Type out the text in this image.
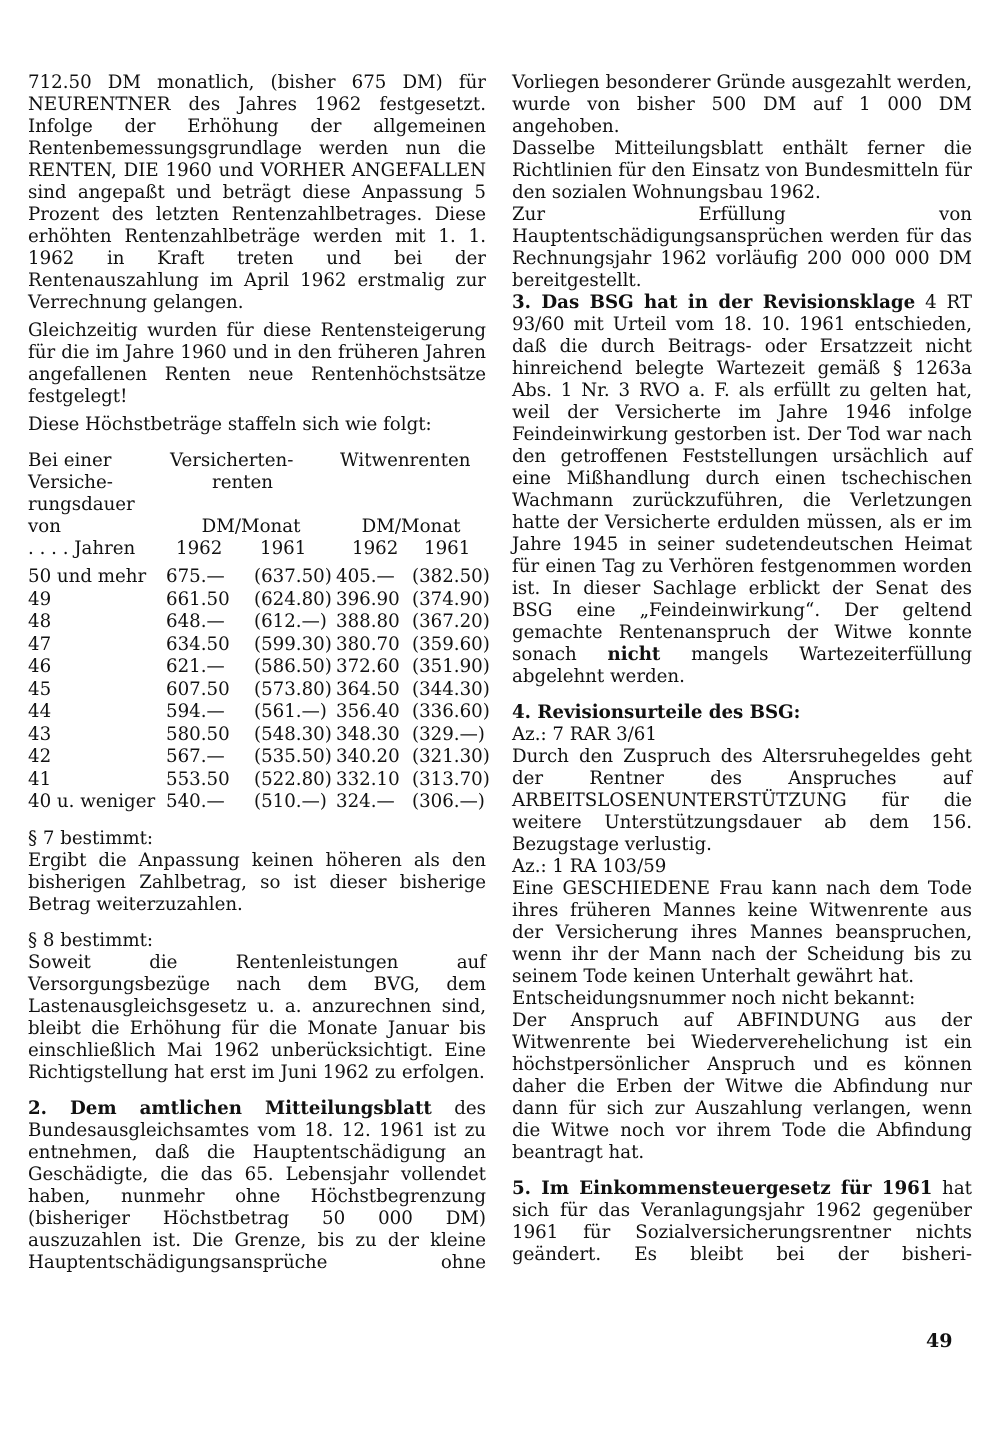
712.50 DM monatlich, (bisher 675 DM) für NEURENTNER des Jahres 1962 festgesetzt. Infolge der Erhöhung der allgemeinen Rentenbemessungsgrundlage werden nun die RENTEN, DIE 1960 und VORHER ANGEFALLEN sind angepaßt und beträgt diese Anpassung 5 Prozent des letzten Rentenzahlbetrages. Diese erhöhten Rentenzahlbeträge werden mit 1. 1. 1962 in Kraft treten und bei der Rentenauszahlung im April 1962 erstmalig zur Verrechnung gelangen.

Gleichzeitig wurden für diese Rentensteigerung für die im Jahre 1960 und in den früheren Jahren angefallenen Renten neue Rentenhöchstsätze festgelegt!

Diese Höchstbeträge staffeln sich wie folgt:

Bei einer
Versiche-
rungsdauer
Versicherten-
renten
Witwenrenten
von	DM/Monat	DM/Monat
. . . . Jahren	1962	1961	1962	1961
50 und mehr	675.—	(637.50) 405.— (382.50)
49	661.50	(624.80) 396.90 (374.90)
48	648.—	(612.—) 388.80 (367.20)
47	634.50	(599.30) 380.70 (359.60)
46	621.—	(586.50) 372.60 (351.90)
45	607.50	(573.80) 364.50 (344.30)
44	594.—	(561.—) 356.40 (336.60)
43	580.50	(548.30) 348.30 (329.—)
42	567.—	(535.50) 340.20 (321.30)
41	553.50	(522.80) 332.10 (313.70)
40 u. weniger 540.—	(510.—) 324.— (306.—)

§ 7 bestimmt:

Ergibt die Anpassung keinen höheren als den bisherigen Zahlbetrag, so ist dieser bisherige Betrag weiterzuzahlen.

§ 8 bestimmt:

Soweit die Rentenleistungen auf Versorgungsbezüge nach dem BVG, dem Lastenausgleichsgesetz u. a. anzurechnen sind, bleibt die Erhöhung für die Monate Januar bis einschließlich Mai 1962 unberücksichtigt. Eine Richtigstellung hat erst im Juni 1962 zu erfolgen.

2. Dem amtlichen Mitteilungsblatt des Bundesausgleichsamtes vom 18. 12. 1961 ist zu entnehmen, daß die Hauptentschädigung an Geschädigte, die das 65. Lebensjahr vollendet haben, nunmehr ohne Höchstbegrenzung (bisheriger Höchstbetrag 50 000 DM) auszuzahlen ist. Die Grenze, bis zu der kleine Hauptentschädigungsansprüche ohne

Vorliegen besonderer Gründe ausgezahlt werden, wurde von bisher 500 DM auf 1 000 DM angehoben.

Dasselbe Mitteilungsblatt enthält ferner die Richtlinien für den Einsatz von Bundesmitteln für den sozialen Wohnungsbau 1962.

Zur Erfüllung von Hauptentschädigungsansprüchen werden für das Rechnungsjahr 1962 vorläufig 200 000 000 DM bereitgestellt.

3. Das BSG hat in der Revisionsklage 4 RT 93/60 mit Urteil vom 18. 10. 1961 entschieden, daß die durch Beitrags- oder Ersatzzeit nicht hinreichend belegte Wartezeit gemäß § 1263a Abs. 1 Nr. 3 RVO a. F. als erfüllt zu gelten hat, weil der Versicherte im Jahre 1946 infolge Feindeinwirkung gestorben ist. Der Tod war nach den getroffenen Feststellungen ursächlich auf eine Mißhandlung durch einen tschechischen Wachmann zurückzuführen, die Verletzungen hatte der Versicherte erdulden müssen, als er im Jahre 1945 in seiner sudetendeutschen Heimat für einen Tag zu Verhören festgenommen worden ist. In dieser Sachlage erblickt der Senat des BSG eine „Feindeinwirkung“. Der geltend gemachte Rentenanspruch der Witwe konnte sonach nicht mangels Wartezeiterfüllung abgelehnt werden.

4. Revisionsurteile des BSG:

Az.: 7 RAR 3/61

Durch den Zuspruch des Altersruhegeldes geht der Rentner des Anspruches auf ARBEITSLOSENUNTERSTÜTZUNG für die weitere Unterstützungsdauer ab dem 156. Bezugstage verlustig.

Az.: 1 RA 103/59

Eine GESCHIEDENE Frau kann nach dem Tode ihres früheren Mannes keine Witwenrente aus der Versicherung ihres Mannes beanspruchen, wenn ihr der Mann nach der Scheidung bis zu seinem Tode keinen Unterhalt gewährt hat.

Entscheidungsnummer noch nicht bekannt:

Der Anspruch auf ABFINDUNG aus der Witwenrente bei Wiederverehelichung ist ein höchstpersönlicher Anspruch und es können daher die Erben der Witwe die Abfindung nur dann für sich zur Auszahlung verlangen, wenn die Witwe noch vor ihrem Tode die Abfindung beantragt hat.

5. Im Einkommensteuergesetz für 1961 hat sich für das Veranlagungsjahr 1962 gegenüber 1961 für Sozialversicherungsrentner nichts geändert. Es bleibt bei der bisheri-

49
